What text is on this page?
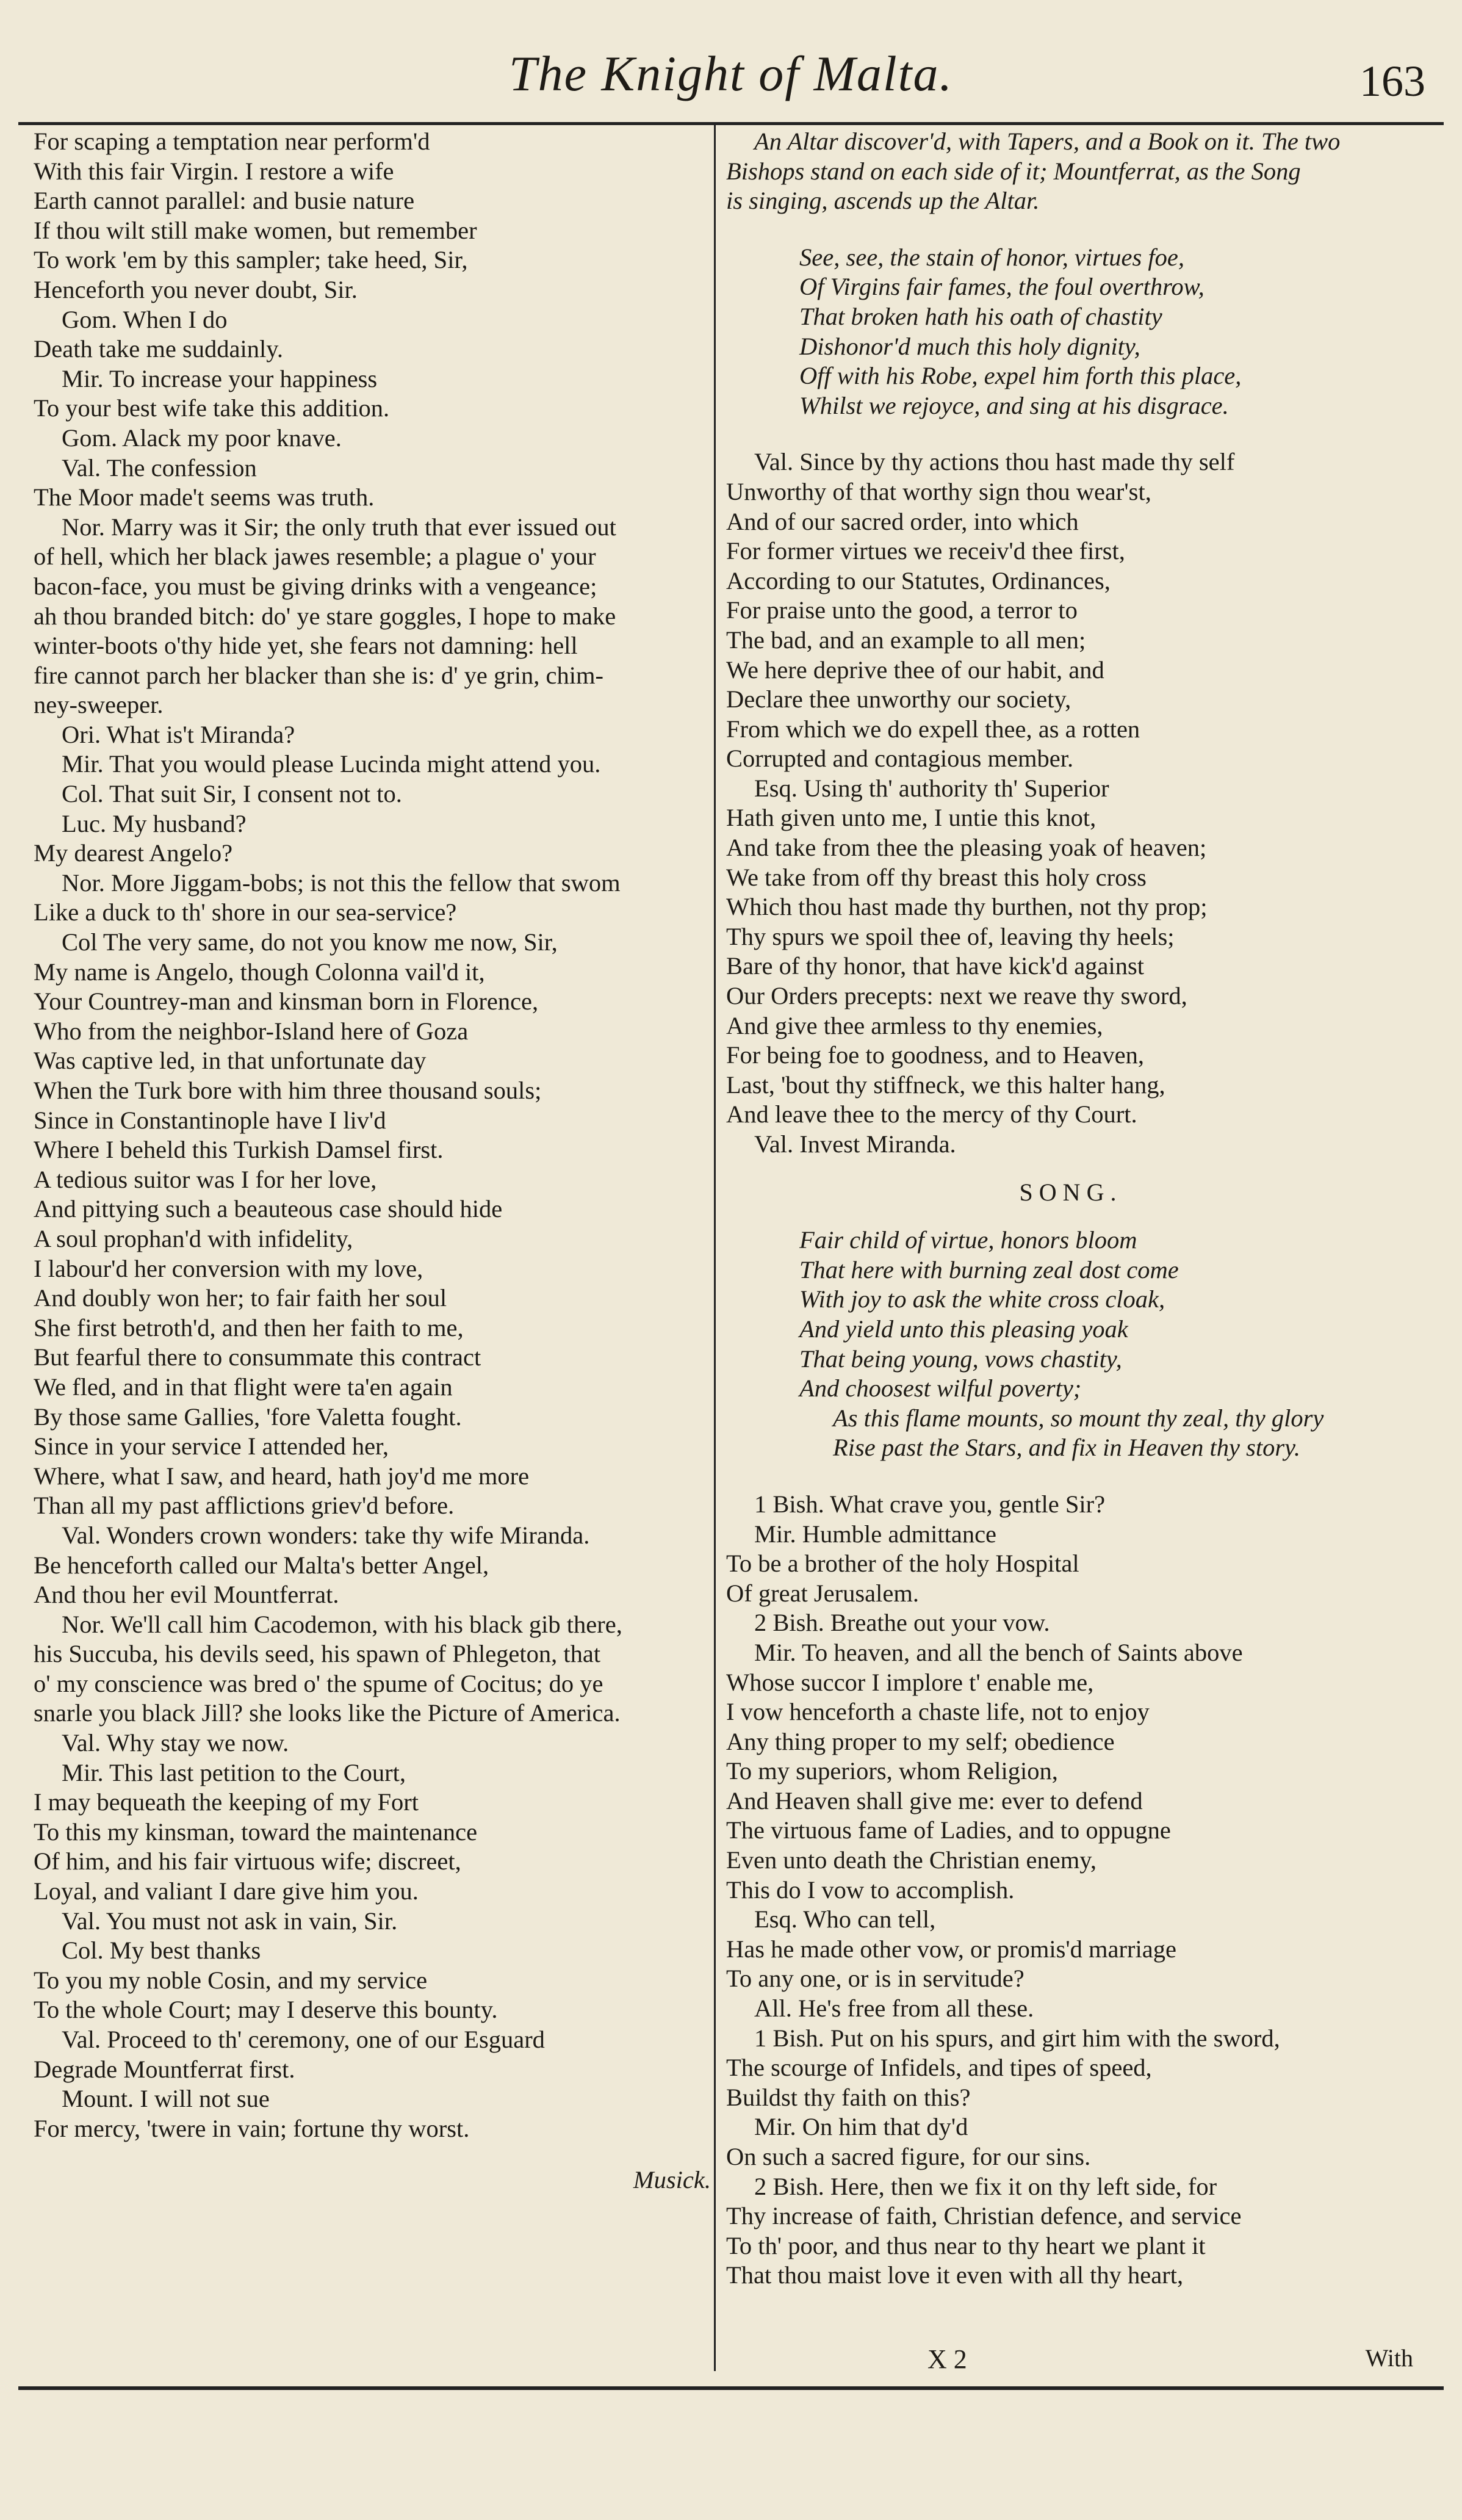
The Knight of Malta.	163
For scaping a temptation near perform'd
With this fair Virgin. I restore a wife
Earth cannot parallel: and busie nature
If thou wilt still make women, but remember
To work 'em by this sampler; take heed, Sir,
Henceforth you never doubt, Sir.
Gom. When I do
Death take me suddainly.
Mir. To increase your happiness
To your best wife take this addition.
Gom. Alack my poor knave.
Val. The confession
The Moor made't seems was truth.
Nor. Marry was it Sir; the only truth that ever issued out
of hell, which her black jawes resemble; a plague o' your
bacon-face, you must be giving drinks with a vengeance;
ah thou branded bitch: do' ye stare goggles, I hope to make
winter-boots o'thy hide yet, she fears not damning: hell
fire cannot parch her blacker than she is: d' ye grin, chim-
ney-sweeper.
Ori. What is't Miranda?
Mir. That you would please Lucinda might attend you.
Col. That suit Sir, I consent not to.
Luc. My husband?
My dearest Angelo?
Nor. More Jiggam-bobs; is not this the fellow that swom
Like a duck to th' shore in our sea-service?
Col The very same, do not you know me now, Sir,
My name is Angelo, though Colonna vail'd it,
Your Countrey-man and kinsman born in Florence,
Who from the neighbor-Island here of Goza
Was captive led, in that unfortunate day
When the Turk bore with him three thousand souls;
Since in Constantinople have I liv'd
Where I beheld this Turkish Damsel first.
A tedious suitor was I for her love,
And pittying such a beauteous case should hide
A soul prophan'd with infidelity,
I labour'd her conversion with my love,
And doubly won her; to fair faith her soul
She first betroth'd, and then her faith to me,
But fearful there to consummate this contract
We fled, and in that flight were ta'en again
By those same Gallies, 'fore Valetta fought.
Since in your service I attended her,
Where, what I saw, and heard, hath joy'd me more
Than all my past afflictions griev'd before.
Val. Wonders crown wonders: take thy wife Miranda.
Be henceforth called our Malta's better Angel,
And thou her evil Mountferrat.
Nor. We'll call him Cacodemon, with his black gib there,
his Succuba, his devils seed, his spawn of Phlegeton, that
o' my conscience was bred o' the spume of Cocitus; do ye
snarle you black Jill? she looks like the Picture of America.
Val. Why stay we now.
Mir. This last petition to the Court,
I may bequeath the keeping of my Fort
To this my kinsman, toward the maintenance
Of him, and his fair virtuous wife; discreet,
Loyal, and valiant I dare give him you.
Val. You must not ask in vain, Sir.
Col. My best thanks
To you my noble Cosin, and my service
To the whole Court; may I deserve this bounty.
Val. Proceed to th' ceremony, one of our Esguard
Degrade Mountferrat first.
Mount. I will not sue
For mercy, 'twere in vain; fortune thy worst.
Musick.
An Altar discover'd, with Tapers, and a Book on it. The two
Bishops stand on each side of it; Mountferrat, as the Song
is singing, ascends up the Altar.
See, see, the stain of honor, virtues foe,
Of Virgins fair fames, the foul overthrow,
That broken hath his oath of chastity
Dishonor'd much this holy dignity,
Off with his Robe, expel him forth this place,
Whilst we rejoyce, and sing at his disgrace.
Val. Since by thy actions thou hast made thy self
Unworthy of that worthy sign thou wear'st,
And of our sacred order, into which
For former virtues we receiv'd thee first,
According to our Statutes, Ordinances,
For praise unto the good, a terror to
The bad, and an example to all men;
We here deprive thee of our habit, and
Declare thee unworthy our society,
From which we do expell thee, as a rotten
Corrupted and contagious member.
Esq. Using th' authority th' Superior
Hath given unto me, I untie this knot,
And take from thee the pleasing yoak of heaven;
We take from off thy breast this holy cross
Which thou hast made thy burthen, not thy prop;
Thy spurs we spoil thee of, leaving thy heels;
Bare of thy honor, that have kick'd against
Our Orders precepts: next we reave thy sword,
And give thee armless to thy enemies,
For being foe to goodness, and to Heaven,
Last, 'bout thy stiffneck, we this halter hang,
And leave thee to the mercy of thy Court.
Val. Invest Miranda.
SONG.
Fair child of virtue, honors bloom
That here with burning zeal dost come
With joy to ask the white cross cloak,
And yield unto this pleasing yoak
That being young, vows chastity,
And choosest wilful poverty;
As this flame mounts, so mount thy zeal, thy glory
Rise past the Stars, and fix in Heaven thy story.
1 Bish. What crave you, gentle Sir?
Mir. Humble admittance
To be a brother of the holy Hospital
Of great Jerusalem.
2 Bish. Breathe out your vow.
Mir. To heaven, and all the bench of Saints above
Whose succor I implore t' enable me,
I vow henceforth a chaste life, not to enjoy
Any thing proper to my self; obedience
To my superiors, whom Religion,
And Heaven shall give me: ever to defend
The virtuous fame of Ladies, and to oppugne
Even unto death the Christian enemy,
This do I vow to accomplish.
Esq. Who can tell,
Has he made other vow, or promis'd marriage
To any one, or is in servitude?
All. He's free from all these.
1 Bish. Put on his spurs, and girt him with the sword,
The scourge of Infidels, and tipes of speed,
Buildst thy faith on this?
Mir. On him that dy'd
On such a sacred figure, for our sins.
2 Bish. Here, then we fix it on thy left side, for
Thy increase of faith, Christian defence, and service
To th' poor, and thus near to thy heart we plant it
That thou maist love it even with all thy heart,
X 2	With
